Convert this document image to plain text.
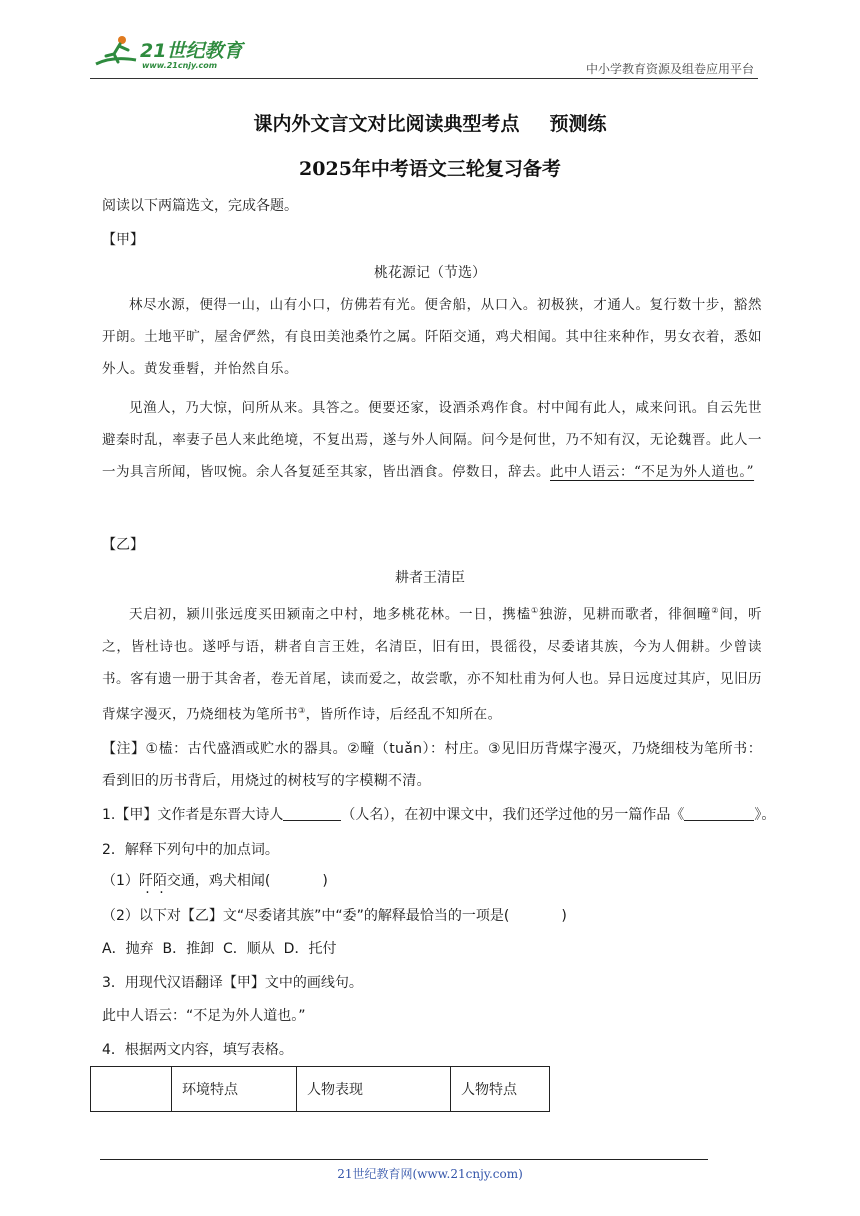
21世纪教育
www.21cnjy.com	中小学教育资源及组卷应用平台
课内外文言文对比阅读典型考点 预测练
2025年中考语文三轮复习备考
阅读以下两篇选文，完成各题。
【甲】
桃花源记（节选）
林尽水源，便得一山，山有小口，仿佛若有光。便舍船，从口入。初极狭，才通人。复行数十步，豁然开朗。土地平旷，屋舍俨然，有良田美池桑竹之属。阡陌交通，鸡犬相闻。其中往来种作，男女衣着，悉如外人。黄发垂髫，并怡然自乐。
见渔人，乃大惊，问所从来。具答之。便要还家，设酒杀鸡作食。村中闻有此人，咸来问讯。自云先世避秦时乱，率妻子邑人来此绝境，不复出焉，遂与外人间隔。问今是何世，乃不知有汉，无论魏晋。此人一一为具言所闻，皆叹惋。余人各复延至其家，皆出酒食。停数日，辞去。此中人语云：“不足为外人道也。”
【乙】
耕者王清臣
天启初，颍川张远度买田颍南之中村，地多桃花林。一日，携榼①独游，见耕而歌者，徘徊疃②间，听之，皆杜诗也。遂呼与语，耕者自言王姓，名清臣，旧有田，畏徭役，尽委诸其族，今为人佣耕。少曾读书。客有遗一册于其舍者，卷无首尾，读而爱之，故尝歌，亦不知杜甫为何人也。异日远度过其庐，见旧历背煤字漫灭，乃烧细枝为笔所书③，皆所作诗，后经乱不知所在。
【注】①榼：古代盛酒或贮水的器具。②疃（tuǎn）：村庄。③见旧历背煤字漫灭，乃烧细枝为笔所书：看到旧的历书背后，用烧过的树枝写的字模糊不清。
1.【甲】文作者是东晋大诗人	（人名），在初中课文中，我们还学过他的另一篇作品《	》。
2．解释下列句中的加点词。
（1）阡陌交通，鸡犬相闻(	)
（2）以下对【乙】文“尽委诸其族”中“委”的解释最恰当的一项是(	)
A．抛弃  B．推卸  C．顺从  D．托付
3．用现代汉语翻译【甲】文中的画线句。
此中人语云：“不足为外人道也。”
4．根据两文内容，填写表格。
	环境特点	人物表现	人物特点
21世纪教育网(www.21cnjy.com)
